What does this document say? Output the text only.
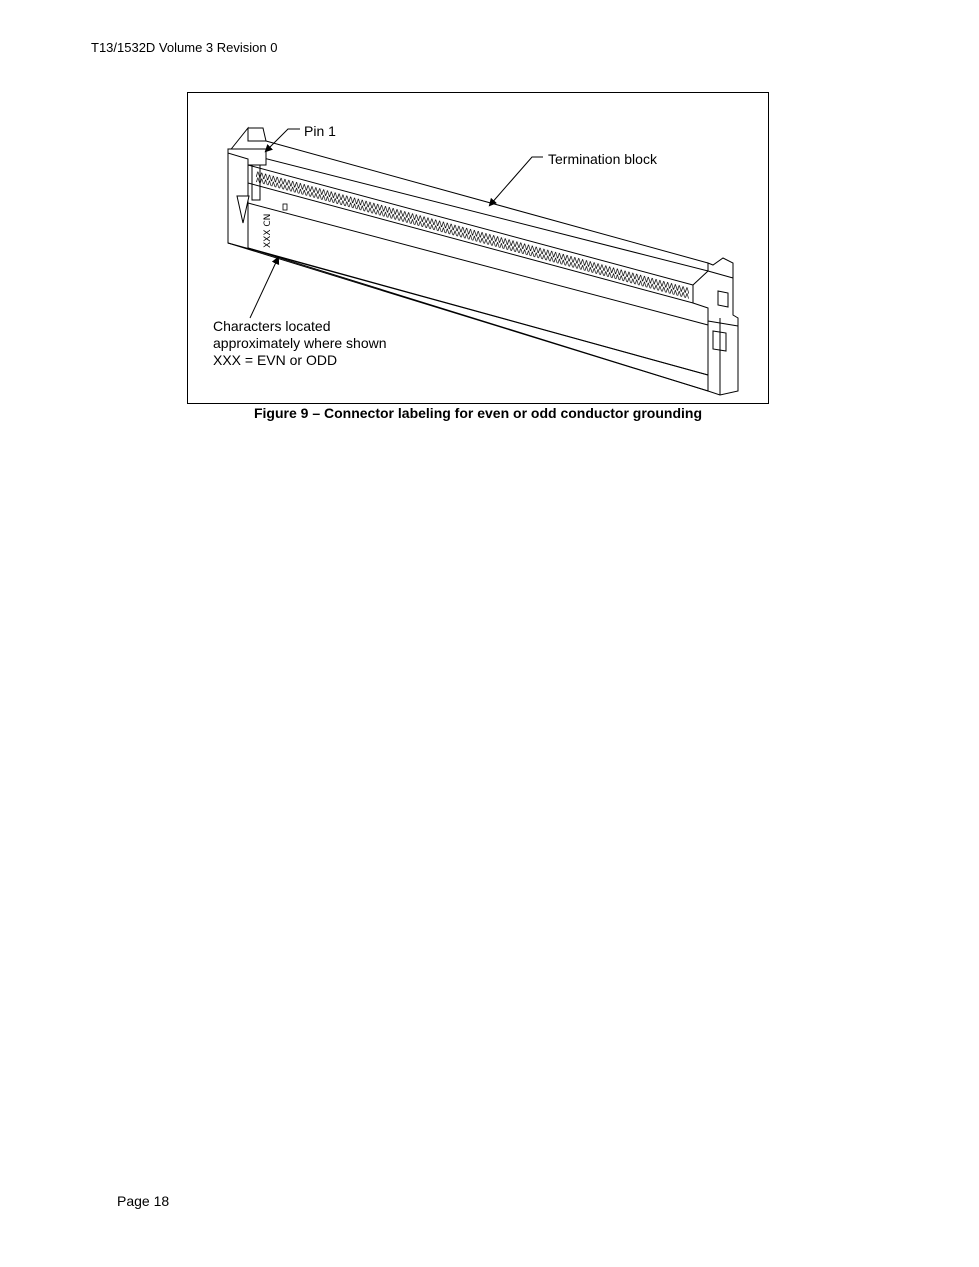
T13/1532D Volume 3 Revision 0
XXX CN
Pin 1
Termination block
Characters located
approximately where shown
XXX = EVN or ODD
Figure 9 – Connector labeling for even or odd conductor grounding
Page 18
